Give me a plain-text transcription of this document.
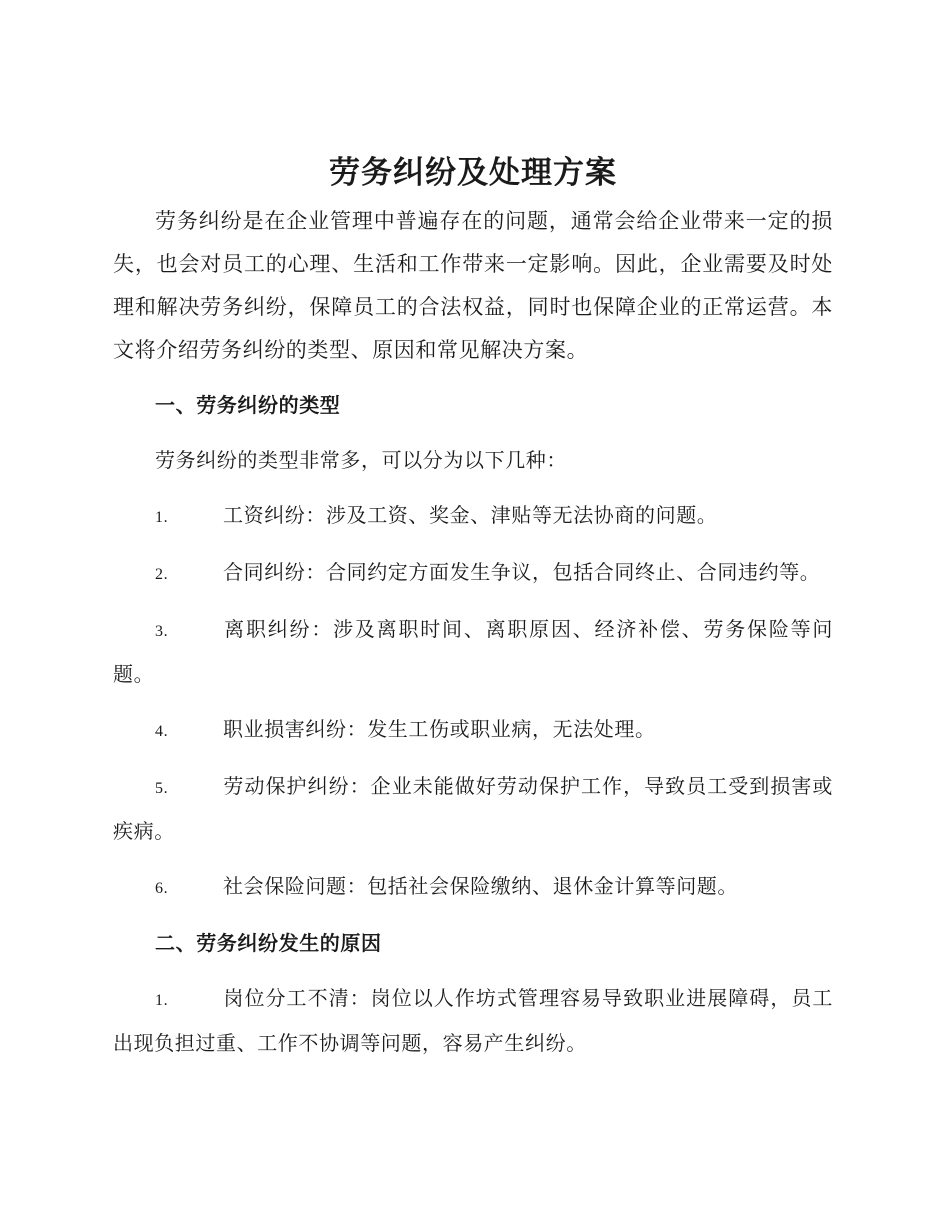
劳务纠纷及处理方案

劳务纠纷是在企业管理中普遍存在的问题，通常会给企业带来一定的损失，也会对员工的心理、生活和工作带来一定影响。因此，企业需要及时处理和解决劳务纠纷，保障员工的合法权益，同时也保障企业的正常运营。本文将介绍劳务纠纷的类型、原因和常见解决方案。

一、劳务纠纷的类型
劳务纠纷的类型非常多，可以分为以下几种：
1.	工资纠纷：涉及工资、奖金、津贴等无法协商的问题。
2.	合同纠纷：合同约定方面发生争议，包括合同终止、合同违约等。
3.	离职纠纷：涉及离职时间、离职原因、经济补偿、劳务保险等问题。
4.	职业损害纠纷：发生工伤或职业病，无法处理。
5.	劳动保护纠纷：企业未能做好劳动保护工作，导致员工受到损害或疾病。
6.	社会保险问题：包括社会保险缴纳、退休金计算等问题。
二、劳务纠纷发生的原因
1.	岗位分工不清：岗位以人作坊式管理容易导致职业进展障碍，员工出现负担过重、工作不协调等问题，容易产生纠纷。
